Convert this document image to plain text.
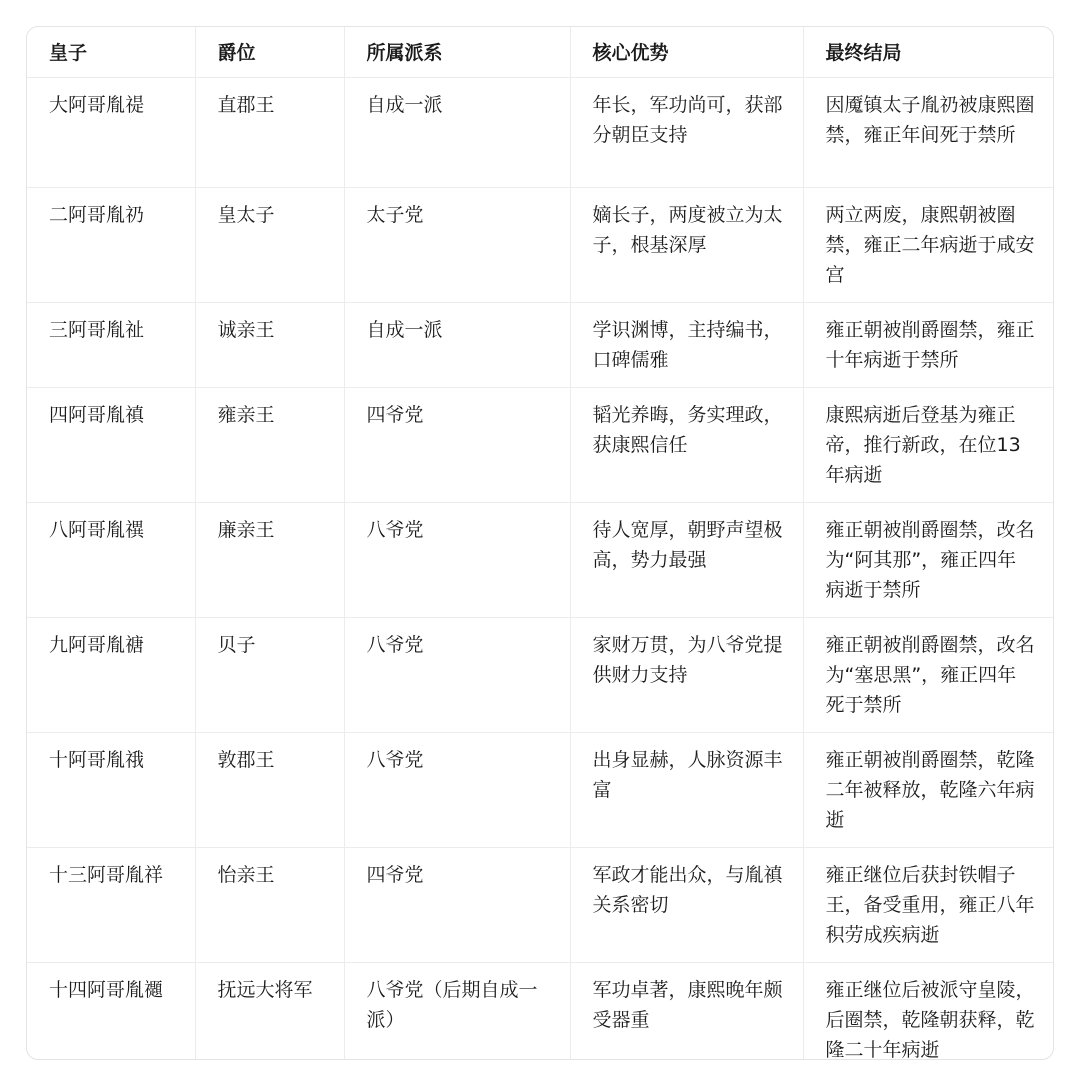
皇子	爵位	所属派系	核心优势	最终结局
大阿哥胤禔	直郡王	自成一派	年长，军功尚可，获部分朝臣支持	因魇镇太子胤礽被康熙圈禁，雍正年间死于禁所
二阿哥胤礽	皇太子	太子党	嫡长子，两度被立为太子，根基深厚	两立两废，康熙朝被圈禁，雍正二年病逝于咸安宫
三阿哥胤祉	诚亲王	自成一派	学识渊博，主持编书，口碑儒雅	雍正朝被削爵圈禁，雍正十年病逝于禁所
四阿哥胤禛	雍亲王	四爷党	韬光养晦，务实理政，获康熙信任	康熙病逝后登基为雍正帝，推行新政，在位13年病逝
八阿哥胤禩	廉亲王	八爷党	待人宽厚，朝野声望极高，势力最强	雍正朝被削爵圈禁，改名为“阿其那”，雍正四年病逝于禁所
九阿哥胤禟	贝子	八爷党	家财万贯，为八爷党提供财力支持	雍正朝被削爵圈禁，改名为“塞思黑”，雍正四年死于禁所
十阿哥胤䄉	敦郡王	八爷党	出身显赫，人脉资源丰富	雍正朝被削爵圈禁，乾隆二年被释放，乾隆六年病逝
十三阿哥胤祥	怡亲王	四爷党	军政才能出众，与胤禛关系密切	雍正继位后获封铁帽子王，备受重用，雍正八年积劳成疾病逝
十四阿哥胤禵	抚远大将军	八爷党（后期自成一派）	军功卓著，康熙晚年颇受器重	雍正继位后被派守皇陵，后圈禁，乾隆朝获释，乾隆二十年病逝
